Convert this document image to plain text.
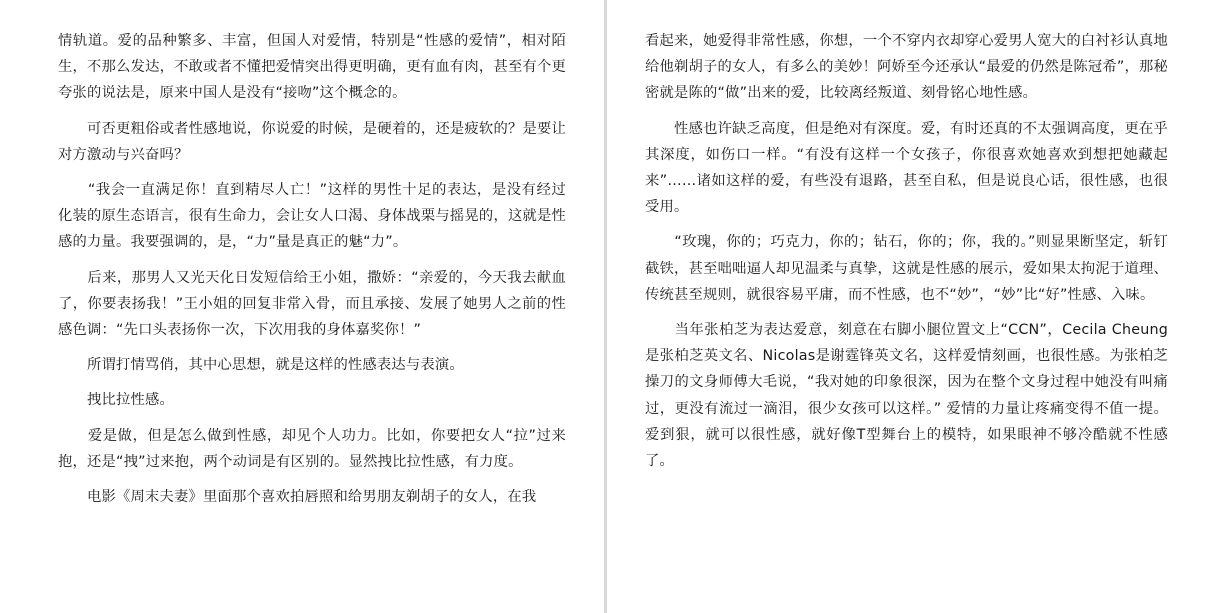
情轨道。爱的品种繁多、丰富，但国人对爱情，特别是“性感的爱情”，相对陌生，不那么发达，不敢或者不懂把爱情突出得更明确，更有血有肉，甚至有个更夸张的说法是，原来中国人是没有“接吻”这个概念的。

　　可否更粗俗或者性感地说，你说爱的时候，是硬着的，还是疲软的？是要让对方激动与兴奋吗？

　　“我会一直满足你！直到精尽人亡！”这样的男性十足的表达，是没有经过化装的原生态语言，很有生命力，会让女人口渴、身体战栗与摇晃的，这就是性感的力量。我要强调的，是，“力”量是真正的魅“力”。

　　后来，那男人又光天化日发短信给王小姐，撒娇：“亲爱的，今天我去献血了，你要表扬我！”王小姐的回复非常入骨，而且承接、发展了她男人之前的性感色调：“先口头表扬你一次，下次用我的身体嘉奖你！”

　　所谓打情骂俏，其中心思想，就是这样的性感表达与表演。

　　拽比拉性感。

　　爱是做，但是怎么做到性感，却见个人功力。比如，你要把女人“拉”过来抱，还是“拽”过来抱，两个动词是有区别的。显然拽比拉性感，有力度。

　　电影《周末夫妻》里面那个喜欢拍唇照和给男朋友剃胡子的女人，在我

看起来，她爱得非常性感，你想，一个不穿内衣却穿心爱男人宽大的白衬衫认真地给他剃胡子的女人，有多么的美妙！阿娇至今还承认“最爱的仍然是陈冠希”，那秘密就是陈的“做”出来的爱，比较离经叛道、刻骨铭心地性感。

　　性感也许缺乏高度，但是绝对有深度。爱，有时还真的不太强调高度，更在乎其深度，如伤口一样。“有没有这样一个女孩子，你很喜欢她喜欢到想把她藏起来”……诸如这样的爱，有些没有退路，甚至自私，但是说良心话，很性感，也很受用。

　　“玫瑰，你的；巧克力，你的；钻石，你的；你，我的。”则显果断坚定，斩钉截铁，甚至咄咄逼人却见温柔与真挚，这就是性感的展示，爱如果太拘泥于道理、传统甚至规则，就很容易平庸，而不性感，也不“妙”，“妙”比“好”性感、入味。

　　当年张柏芝为表达爱意，刻意在右脚小腿位置文上“CCN”，Cecila Cheung是张柏芝英文名、Nicolas是谢霆锋英文名，这样爱情刻画，也很性感。为张柏芝操刀的文身师傅大毛说，“我对她的印象很深，因为在整个文身过程中她没有叫痛过，更没有流过一滴泪，很少女孩可以这样。” 爱情的力量让疼痛变得不值一提。爱到狠，就可以很性感，就好像T型舞台上的模特，如果眼神不够冷酷就不性感了。
